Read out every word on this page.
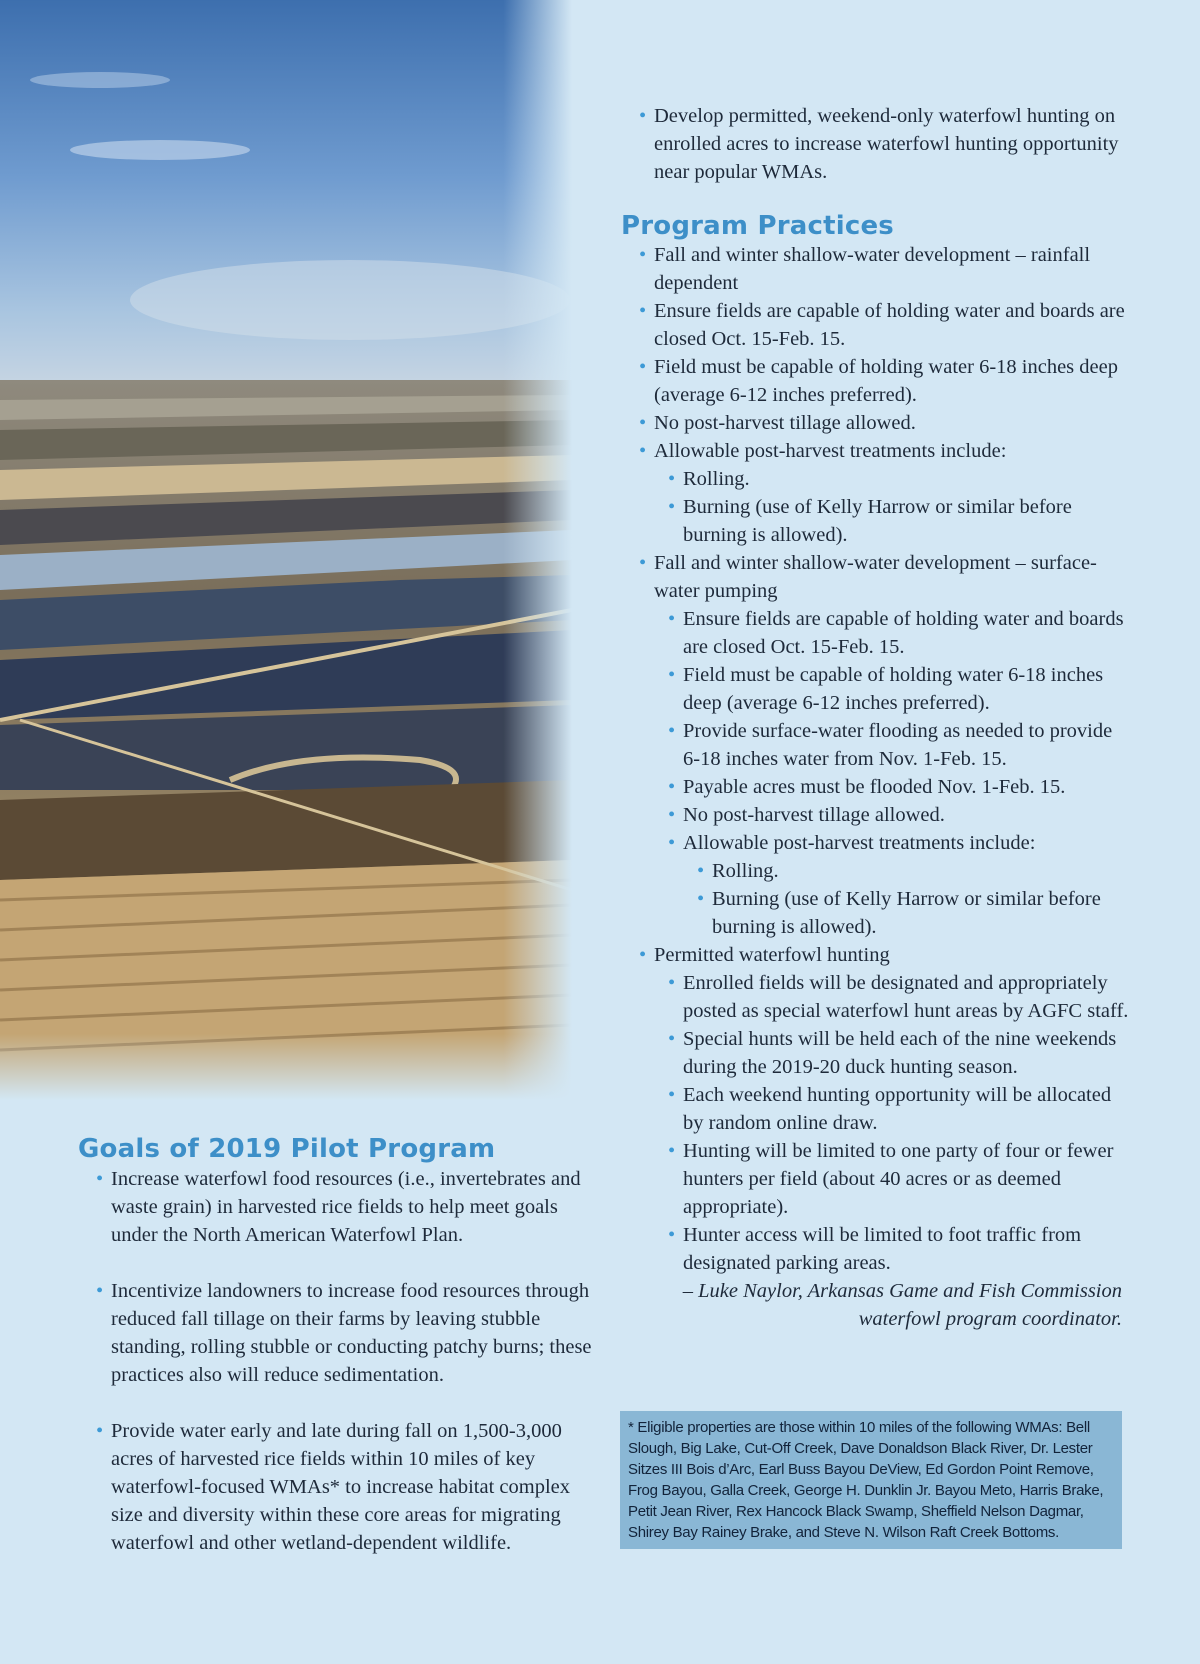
• Develop permitted, weekend-only waterfowl hunting on enrolled acres to increase waterfowl hunting opportunity near popular WMAs.
Program Practices
• Fall and winter shallow-water development – rainfall dependent
• Ensure fields are capable of holding water and boards are closed Oct. 15-Feb. 15.
• Field must be capable of holding water 6-18 inches deep (average 6-12 inches preferred).
• No post-harvest tillage allowed.
• Allowable post-harvest treatments include:
• Rolling.
• Burning (use of Kelly Harrow or similar before burning is allowed).
• Fall and winter shallow-water development – surface-water pumping
• Ensure fields are capable of holding water and boards are closed Oct. 15-Feb. 15.
• Field must be capable of holding water 6-18 inches deep (average 6-12 inches preferred).
• Provide surface-water flooding as needed to provide 6-18 inches water from Nov. 1-Feb. 15.
• Payable acres must be flooded Nov. 1-Feb. 15.
• No post-harvest tillage allowed.
• Allowable post-harvest treatments include:
• Rolling.
• Burning (use of Kelly Harrow or similar before burning is allowed).
• Permitted waterfowl hunting
• Enrolled fields will be designated and appropriately posted as special waterfowl hunt areas by AGFC staff.
• Special hunts will be held each of the nine weekends during the 2019-20 duck hunting season.
• Each weekend hunting opportunity will be allocated by random online draw.
• Hunting will be limited to one party of four or fewer hunters per field (about 40 acres or as deemed appropriate).
• Hunter access will be limited to foot traffic from designated parking areas.
– Luke Naylor, Arkansas Game and Fish Commission
waterfowl program coordinator.
Goals of 2019 Pilot Program
• Increase waterfowl food resources (i.e., invertebrates and waste grain) in harvested rice fields to help meet goals under the North American Waterfowl Plan.
• Incentivize landowners to increase food resources through reduced fall tillage on their farms by leaving stubble standing, rolling stubble or conducting patchy burns; these practices also will reduce sedimentation.
• Provide water early and late during fall on 1,500-3,000 acres of harvested rice fields within 10 miles of key waterfowl-focused WMAs* to increase habitat complex size and diversity within these core areas for migrating waterfowl and other wetland-dependent wildlife.
* Eligible properties are those within 10 miles of the following WMAs: Bell Slough, Big Lake, Cut-Off Creek, Dave Donaldson Black River, Dr. Lester Sitzes III Bois d’Arc, Earl Buss Bayou DeView, Ed Gordon Point Remove, Frog Bayou, Galla Creek, George H. Dunklin Jr. Bayou Meto, Harris Brake, Petit Jean River, Rex Hancock Black Swamp, Sheffield Nelson Dagmar, Shirey Bay Rainey Brake, and Steve N. Wilson Raft Creek Bottoms.
